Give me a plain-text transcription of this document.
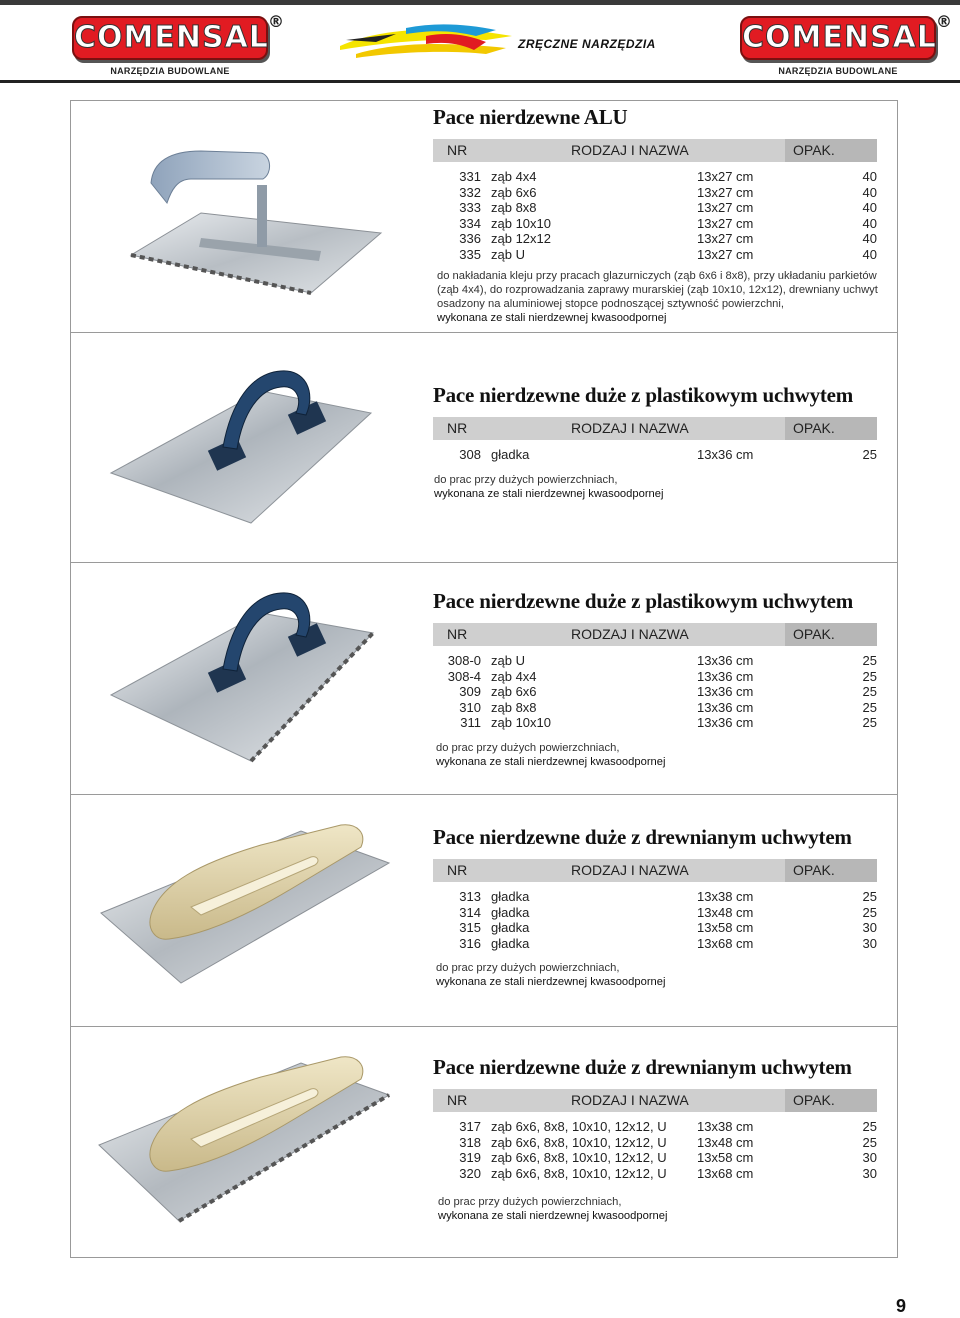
COMENSAL ®
NARZĘDZIA BUDOWLANE
ZRĘCZNE NARZĘDZIA	COMENSAL ®
NARZĘDZIA BUDOWLANE
Pace nierdzewne ALU
NR	RODZAJ I NAZWA	OPAK.
331 ząb 4x4	13x27 cm	40
332 ząb 6x6	13x27 cm	40
333 ząb 8x8	13x27 cm	40
334 ząb 10x10	13x27 cm	40
336 ząb 12x12	13x27 cm	40
335 ząb U	13x27 cm	40
do nakładania kleju przy pracach glazurniczych (ząb 6x6 i 8x8), przy układaniu parkietów
(ząb 4x4), do rozprowadzania zaprawy murarskiej (ząb 10x10, 12x12), drewniany uchwyt
osadzony na aluminiowej stopce podnoszącej sztywność powierzchni,
wykonana ze stali nierdzewnej kwasoodpornej
Pace nierdzewne duże z plastikowym uchwytem
NR	RODZAJ I NAZWA	OPAK.
308 gładka	13x36 cm	25
do prac przy dużych powierzchniach,
wykonana ze stali nierdzewnej kwasoodpornej
Pace nierdzewne duże z plastikowym uchwytem
NR	RODZAJ I NAZWA	OPAK.
308-0 ząb U	13x36 cm	25
308-4 ząb 4x4	13x36 cm	25
309 ząb 6x6	13x36 cm	25
310 ząb 8x8	13x36 cm	25
311 ząb 10x10	13x36 cm	25
do prac przy dużych powierzchniach,
wykonana ze stali nierdzewnej kwasoodpornej
Pace nierdzewne duże z drewnianym uchwytem
NR	RODZAJ I NAZWA	OPAK.
313 gładka	13x38 cm	25
314 gładka	13x48 cm	25
315 gładka	13x58 cm	30
316 gładka	13x68 cm	30
do prac przy dużych powierzchniach,
wykonana ze stali nierdzewnej kwasoodpornej
Pace nierdzewne duże z drewnianym uchwytem
NR	RODZAJ I NAZWA	OPAK.
317 ząb 6x6, 8x8, 10x10, 12x12, U 13x38 cm	25
318 ząb 6x6, 8x8, 10x10, 12x12, U 13x48 cm	25
319 ząb 6x6, 8x8, 10x10, 12x12, U 13x58 cm	30
320 ząb 6x6, 8x8, 10x10, 12x12, U 13x68 cm	30
do prac przy dużych powierzchniach,
wykonana ze stali nierdzewnej kwasoodpornej
9
